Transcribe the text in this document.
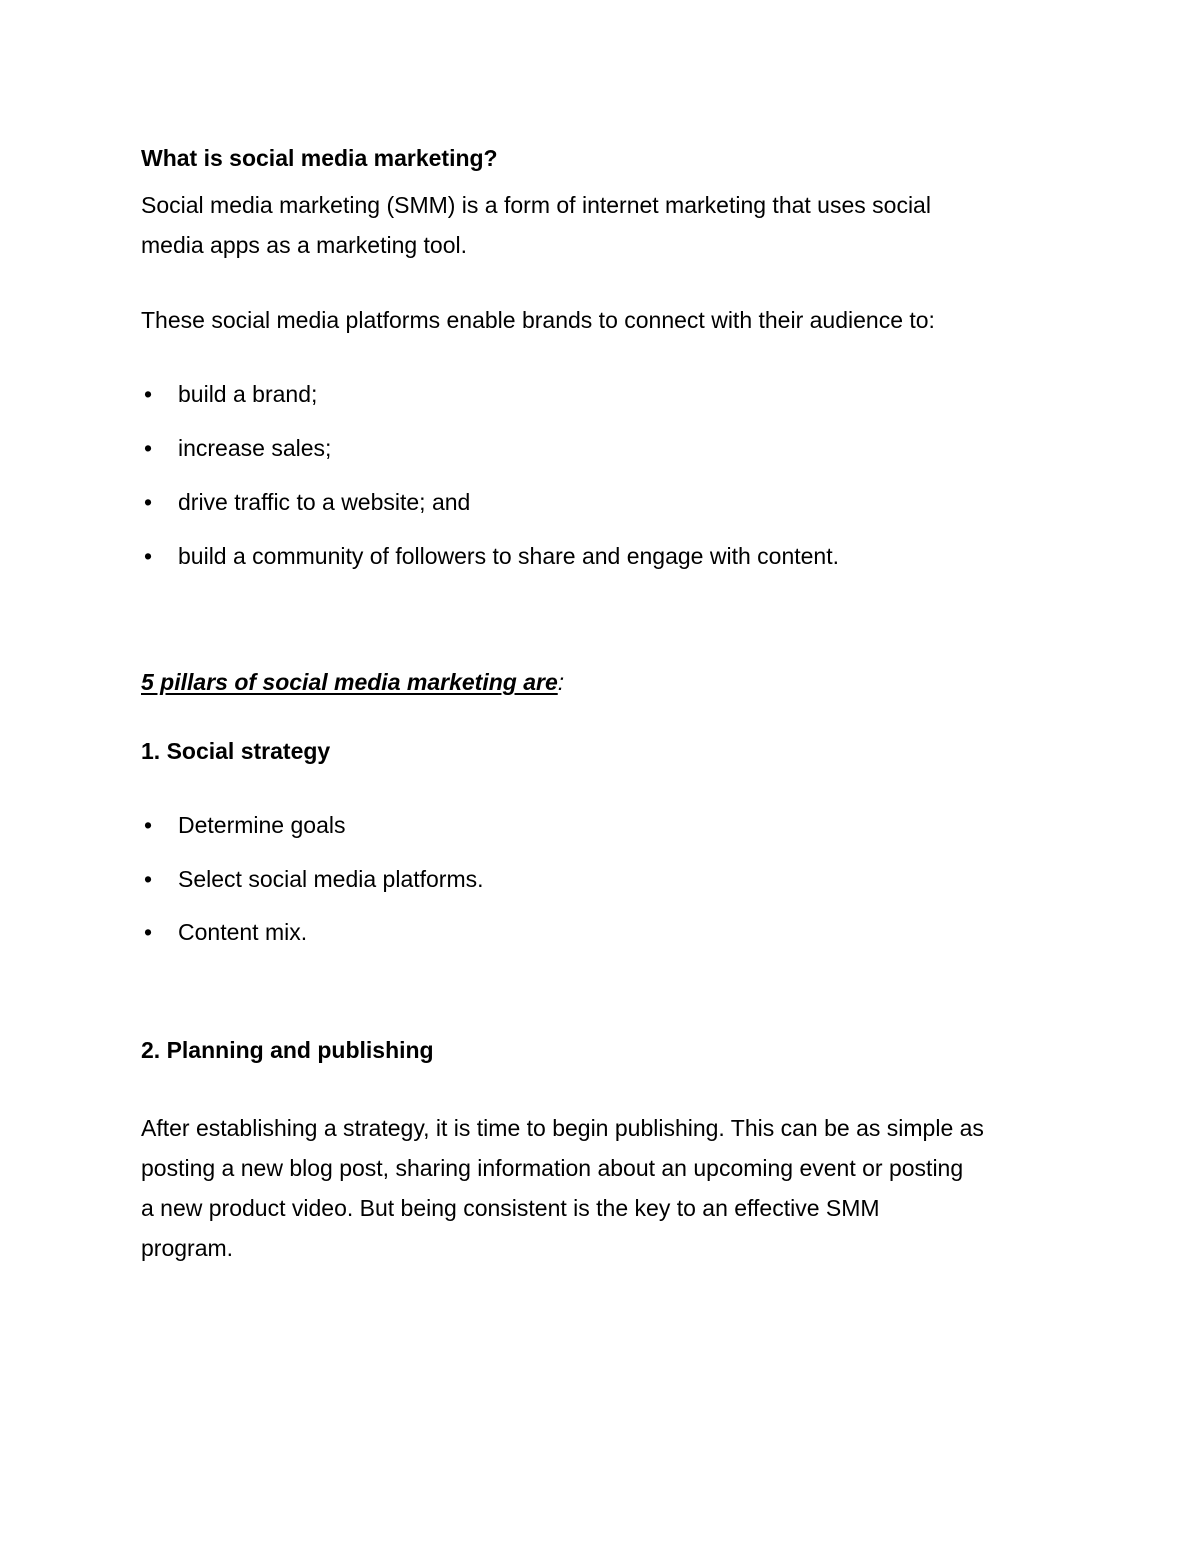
What is social media marketing?
Social media marketing (SMM) is a form of internet marketing that uses social
media apps as a marketing tool.
These social media platforms enable brands to connect with their audience to:
• build a brand;
• increase sales;
• drive traffic to a website; and
• build a community of followers to share and engage with content.
5 pillars of social media marketing are:
1. Social strategy
• Determine goals
• Select social media platforms.
• Content mix.
2. Planning and publishing
After establishing a strategy, it is time to begin publishing. This can be as simple as
posting a new blog post, sharing information about an upcoming event or posting
a new product video. But being consistent is the key to an effective SMM
program.
